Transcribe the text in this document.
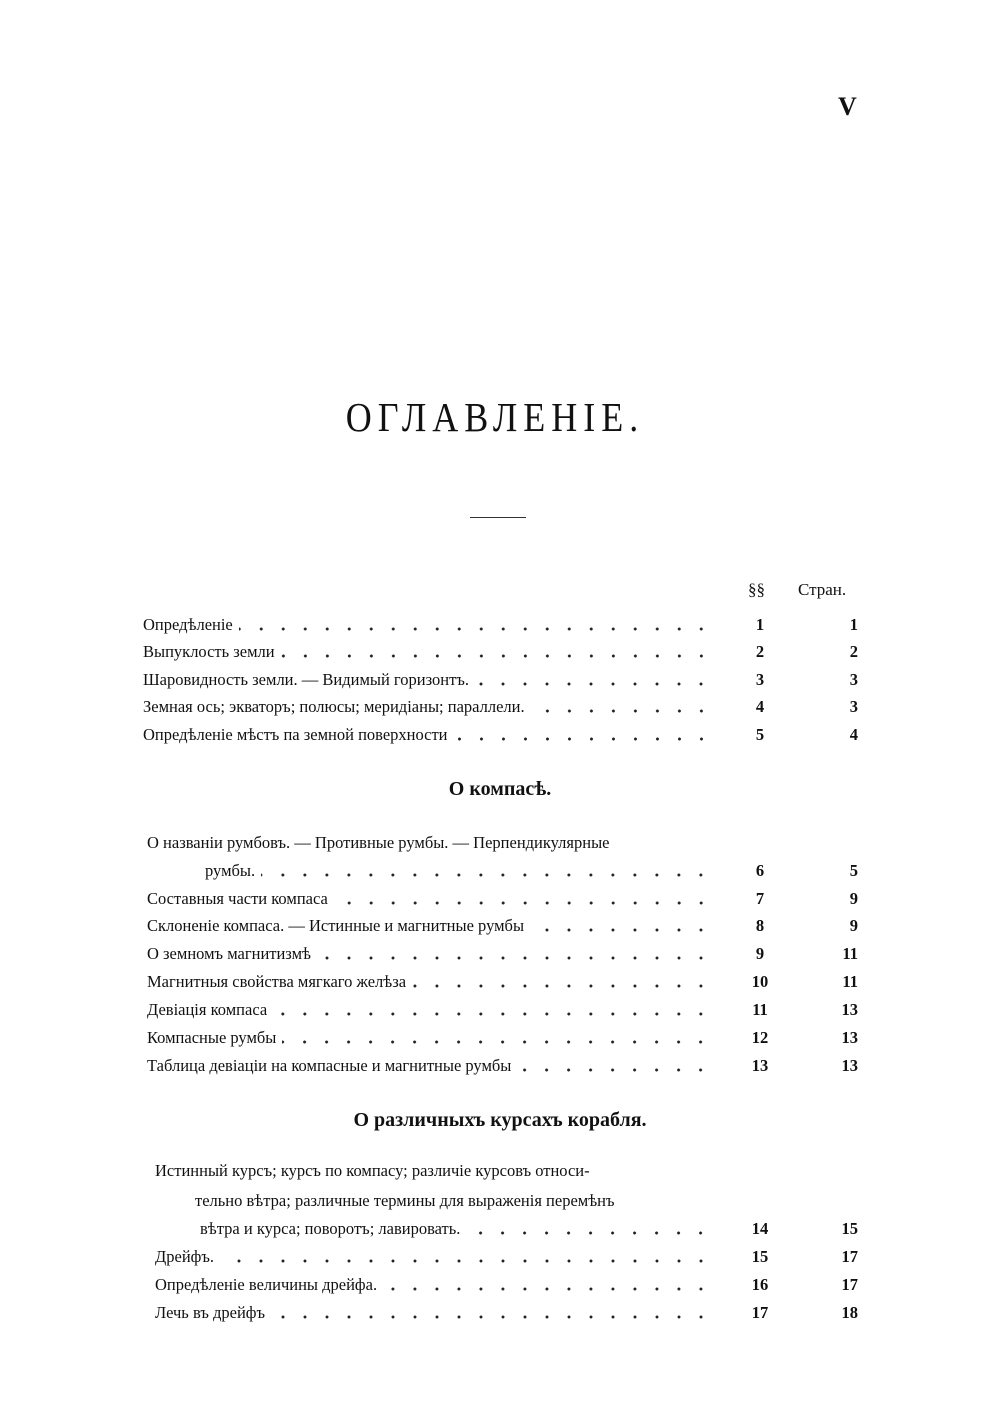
V
ОГЛАВЛЕНІЕ.
§§ Стран.
Опредѣленіе	1	1
Выпуклость земли	2	2
Шаровидность земли. — Видимый горизонтъ.	3	3
Земная ось; экваторъ; полюсы; меридіаны; параллели.	4	3
Опредѣленіе мѣстъ па земной поверхности	5	4
О компасѣ.
О названіи румбовъ. — Противные румбы. — Перпендикулярные
румбы.	6	5
Составныя части компаса	7	9
Склоненіе компаса. — Истинные и магнитные румбы	8	9
О земномъ магнитизмѣ	9	11
Магнитныя свойства мягкаго желѣза	10	11
Девіація компаса	11	13
Компасные румбы	12	13
Таблица девіаціи на компасные и магнитные румбы	13	13
О различныхъ курсахъ корабля.
Истинный курсъ; курсъ по компасу; различіе курсовъ относи-
тельно вѣтра; различные термины для выраженія перемѣнъ
вѣтра и курса; поворотъ; лавировать.	14	15
Дрейфъ.	15	17
Опредѣленіе величины дрейфа.	16	17
Лечь въ дрейфъ	17	18
